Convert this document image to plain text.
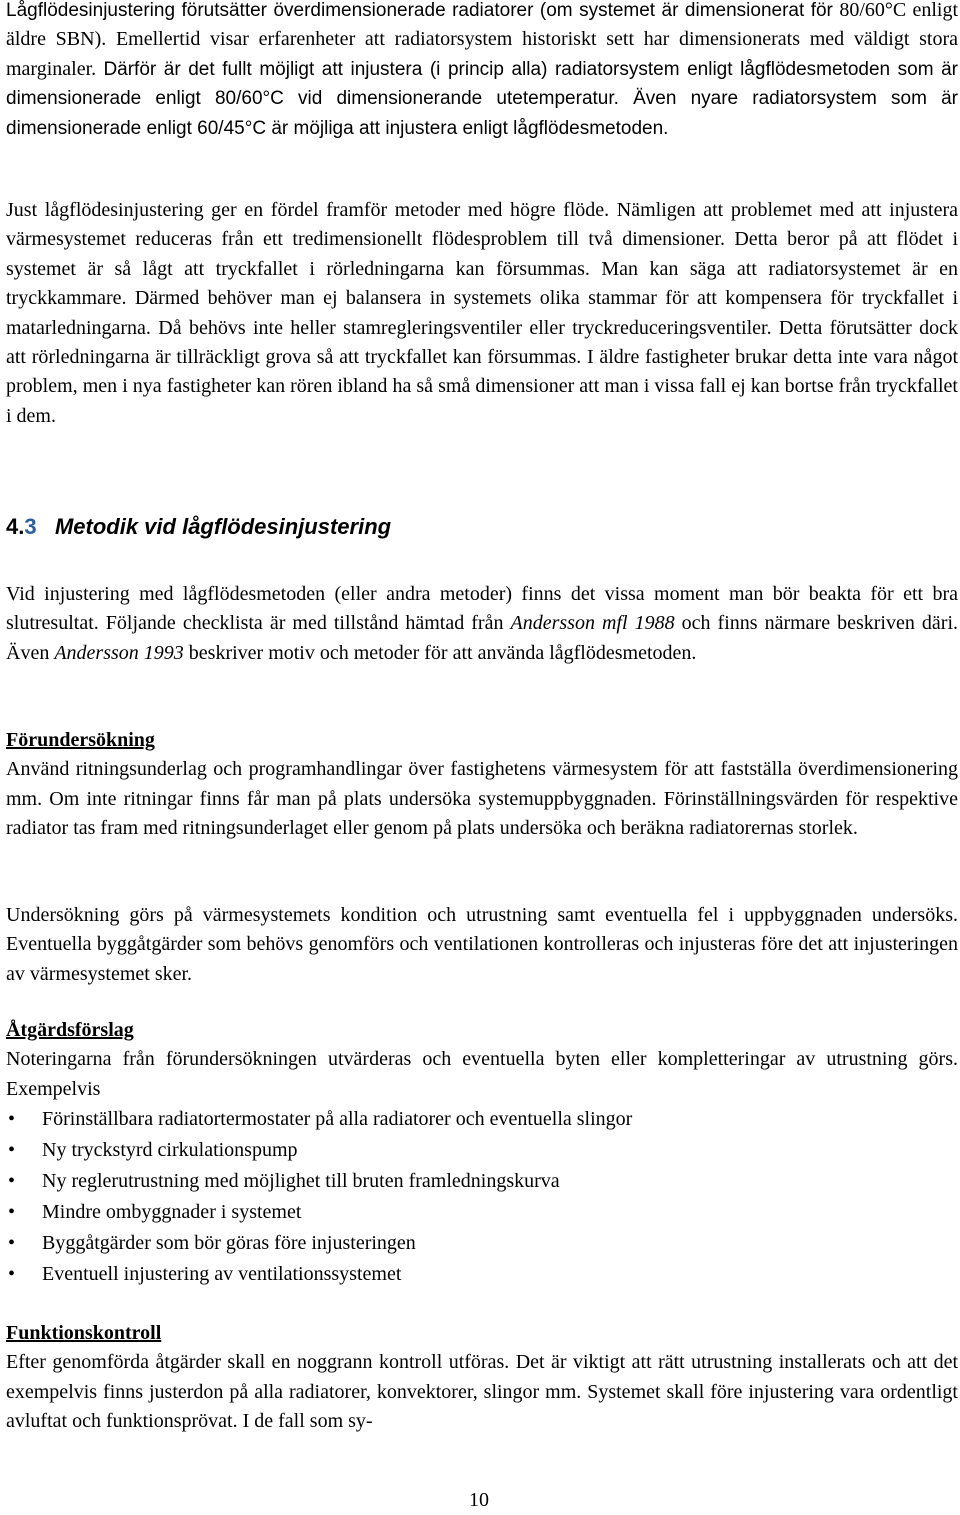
Lågflödesinjustering förutsätter överdimensionerade radiatorer (om systemet är dimensionerat för 80/60°C enligt äldre SBN). Emellertid visar erfarenheter att radiatorsystem historiskt sett har dimensionerats med väldigt stora marginaler. Därför är det fullt möjligt att injustera (i princip alla) radiatorsystem enligt lågflödesmetoden som är dimensionerade enligt 80/60°C vid dimensionerande utetemperatur. Även nyare radiatorsystem som är dimensionerade enligt 60/45°C är möjliga att injustera enligt lågflödesmetoden.

Just lågflödesinjustering ger en fördel framför metoder med högre flöde. Nämligen att problemet med att injustera värmesystemet reduceras från ett tredimensionellt flödesproblem till två dimensioner. Detta beror på att flödet i systemet är så lågt att tryckfallet i rörledningarna kan försummas. Man kan säga att radiatorsystemet är en tryckkammare. Därmed behöver man ej balansera in systemets olika stammar för att kompensera för tryckfallet i matarledningarna. Då behövs inte heller stamregleringsventiler eller tryckreduceringsventiler. Detta förutsätter dock att rörledningarna är tillräckligt grova så att tryckfallet kan försummas. I äldre fastigheter brukar detta inte vara något problem, men i nya fastigheter kan rören ibland ha så små dimensioner att man i vissa fall ej kan bortse från tryckfallet i dem.

4.3 Metodik vid lågflödesinjustering

Vid injustering med lågflödesmetoden (eller andra metoder) finns det vissa moment man bör beakta för ett bra slutresultat. Följande checklista är med tillstånd hämtad från Andersson mfl 1988 och finns närmare beskriven däri. Även Andersson 1993 beskriver motiv och metoder för att använda lågflödesmetoden.

Förundersökning

Använd ritningsunderlag och programhandlingar över fastighetens värmesystem för att fastställa överdimensionering mm. Om inte ritningar finns får man på plats undersöka systemuppbyggnaden. Förinställningsvärden för respektive radiator tas fram med ritningsunderlaget eller genom på plats undersöka och beräkna radiatorernas storlek.

Undersökning görs på värmesystemets kondition och utrustning samt eventuella fel i uppbyggnaden undersöks. Eventuella byggåtgärder som behövs genomförs och ventilationen kontrolleras och injusteras före det att injusteringen av värmesystemet sker.

Åtgärdsförslag

Noteringarna från förundersökningen utvärderas och eventuella byten eller kompletteringar av utrustning görs. Exempelvis

• Förinställbara radiatortermostater på alla radiatorer och eventuella slingor
• Ny tryckstyrd cirkulationspump
• Ny reglerutrustning med möjlighet till bruten framledningskurva
• Mindre ombyggnader i systemet
• Byggåtgärder som bör göras före injusteringen
• Eventuell injustering av ventilationssystemet

Funktionskontroll

Efter genomförda åtgärder skall en noggrann kontroll utföras. Det är viktigt att rätt utrustning installerats och att det exempelvis finns justerdon på alla radiatorer, konvektorer, slingor mm. Systemet skall före injustering vara ordentligt avluftat och funktionsprövat. I de fall som sy-

10
